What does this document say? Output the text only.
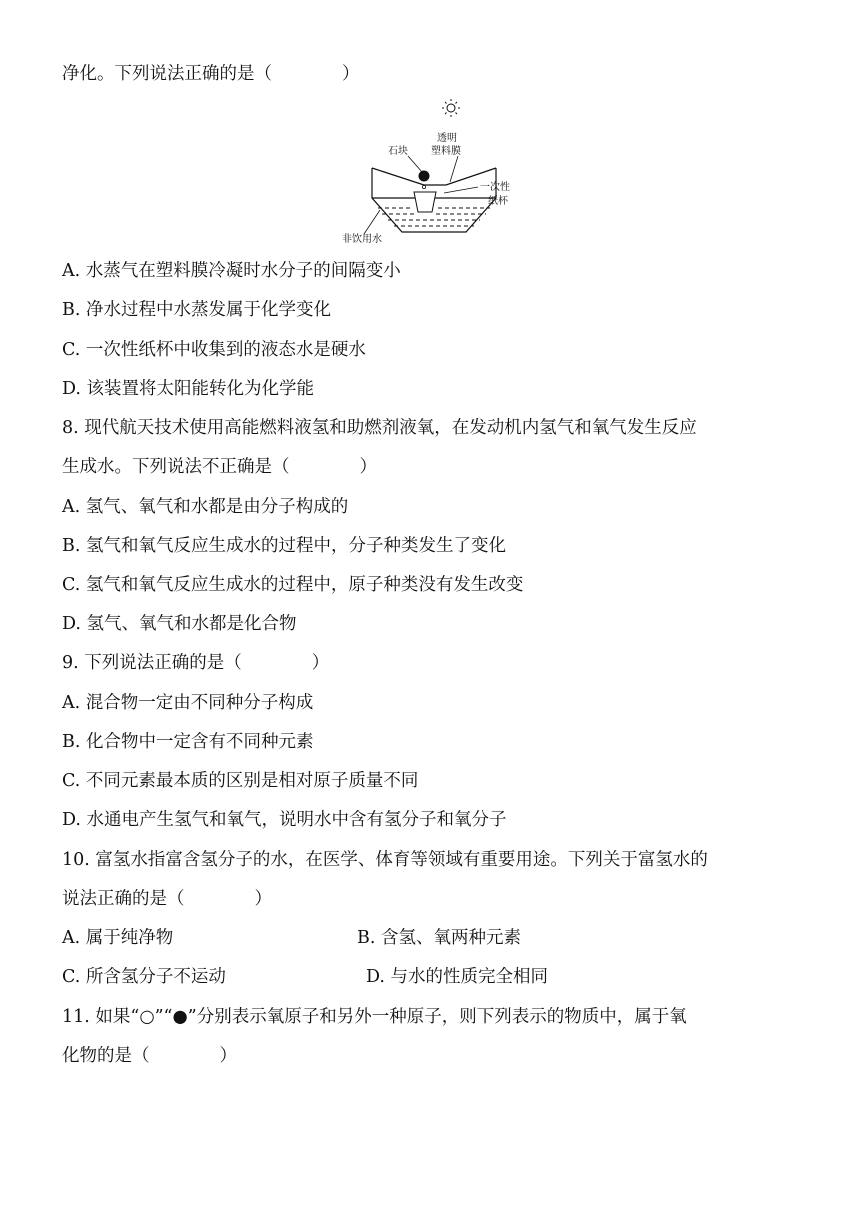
净化。下列说法正确的是（　　　　）
透明
塑料膜
石块
一次性
纸杯
非饮用水
A. 水蒸气在塑料膜冷凝时水分子的间隔变小
B. 净水过程中水蒸发属于化学变化
C. 一次性纸杯中收集到的液态水是硬水
D. 该装置将太阳能转化为化学能
8. 现代航天技术使用高能燃料液氢和助燃剂液氧，在发动机内氢气和氧气发生反应
生成水。下列说法不正确是（　　　　）
A. 氢气、氧气和水都是由分子构成的
B. 氢气和氧气反应生成水的过程中，分子种类发生了变化
C. 氢气和氧气反应生成水的过程中，原子种类没有发生改变
D. 氢气、氧气和水都是化合物
9. 下列说法正确的是（　　　　）
A. 混合物一定由不同种分子构成
B. 化合物中一定含有不同种元素
C. 不同元素最本质的区别是相对原子质量不同
D. 水通电产生氢气和氧气，说明水中含有氢分子和氧分子
10. 富氢水指富含氢分子的水，在医学、体育等领域有重要用途。下列关于富氢水的
说法正确的是（　　　　）
A. 属于纯净物	B. 含氢、氧两种元素
C. 所含氢分子不运动	D. 与水的性质完全相同
11. 如果“○”“●”分别表示氧原子和另外一种原子，则下列表示的物质中，属于氧
化物的是（　　　　）
